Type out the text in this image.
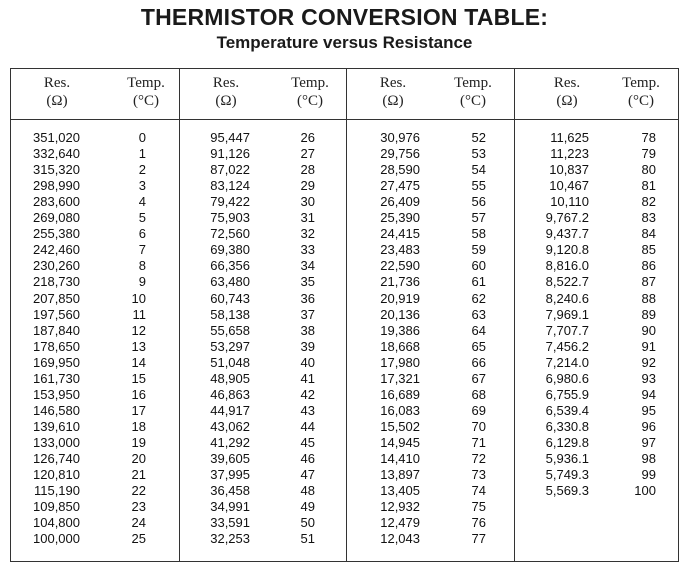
THERMISTOR CONVERSION TABLE:
Temperature versus Resistance
Res.
(Ω)
Temp.
(°C)
Res.
(Ω)
Temp.
(°C)
Res.
(Ω)
Temp.
(°C)
Res.
(Ω)
Temp.
(°C)
351,020
332,640
315,320
298,990
283,600
269,080
255,380
242,460
230,260
218,730
207,850
197,560
187,840
178,650
169,950
161,730
153,950
146,580
139,610
133,000
126,740
120,810
115,190
109,850
104,800
100,000
0
1
2
3
4
5
6
7
8
9
10
11
12
13
14
15
16
17
18
19
20
21
22
23
24
25
95,447
91,126
87,022
83,124
79,422
75,903
72,560
69,380
66,356
63,480
60,743
58,138
55,658
53,297
51,048
48,905
46,863
44,917
43,062
41,292
39,605
37,995
36,458
34,991
33,591
32,253
26
27
28
29
30
31
32
33
34
35
36
37
38
39
40
41
42
43
44
45
46
47
48
49
50
51
30,976
29,756
28,590
27,475
26,409
25,390
24,415
23,483
22,590
21,736
20,919
20,136
19,386
18,668
17,980
17,321
16,689
16,083
15,502
14,945
14,410
13,897
13,405
12,932
12,479
12,043
52
53
54
55
56
57
58
59
60
61
62
63
64
65
66
67
68
69
70
71
72
73
74
75
76
77
11,625
11,223
10,837
10,467
10,110
9,767.2
9,437.7
9,120.8
8,816.0
8,522.7
8,240.6
7,969.1
7,707.7
7,456.2
7,214.0
6,980.6
6,755.9
6,539.4
6,330.8
6,129.8
5,936.1
5,749.3
5,569.3
78
79
80
81
82
83
84
85
86
87
88
89
90
91
92
93
94
95
96
97
98
99
100
